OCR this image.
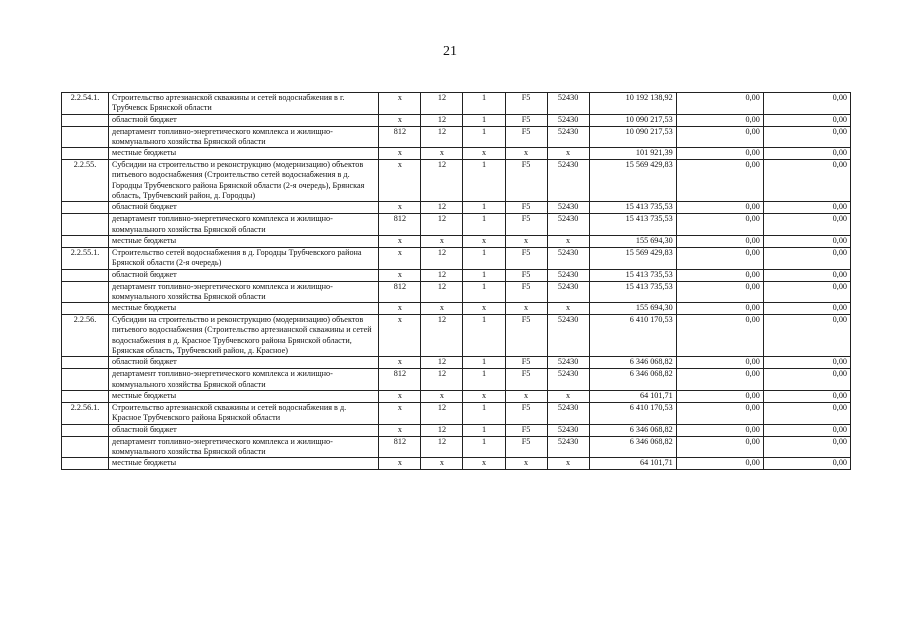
21
2.2.54.1.	Строительство артезианской скважины и сетей водоснабжения в г. Трубчевск Брянской области	x	12	1	F5	52430	10 192 138,92	0,00	0,00
	областной бюджет	x	12	1	F5	52430	10 090 217,53	0,00	0,00
	департамент топливно-энергетического комплекса и жилищно-коммунального хозяйства Брянской области	812	12	1	F5	52430	10 090 217,53	0,00	0,00
	местные бюджеты	x	x	x	x	x	101 921,39	0,00	0,00
2.2.55.	Субсидии на строительство и реконструкцию (модернизацию) объектов питьевого водоснабжения (Строительство сетей водоснабжения в д. Городцы Трубчевского района Брянской области (2-я очередь), Брянская область, Трубчевский район, д. Городцы)	x	12	1	F5	52430	15 569 429,83	0,00	0,00
	областной бюджет	x	12	1	F5	52430	15 413 735,53	0,00	0,00
	департамент топливно-энергетического комплекса и жилищно-коммунального хозяйства Брянской области	812	12	1	F5	52430	15 413 735,53	0,00	0,00
	местные бюджеты	x	x	x	x	x	155 694,30	0,00	0,00
2.2.55.1.	Строительство сетей водоснабжения в д. Городцы Трубчевского района Брянской области (2-я очередь)	x	12	1	F5	52430	15 569 429,83	0,00	0,00
	областной бюджет	x	12	1	F5	52430	15 413 735,53	0,00	0,00
	департамент топливно-энергетического комплекса и жилищно-коммунального хозяйства Брянской области	812	12	1	F5	52430	15 413 735,53	0,00	0,00
	местные бюджеты	x	x	x	x	x	155 694,30	0,00	0,00
2.2.56.	Субсидии на строительство и реконструкцию (модернизацию) объектов питьевого водоснабжения (Строительство артезианской скважины и сетей водоснабжения в д. Красное Трубчевского района Брянской области, Брянская область, Трубчевский район, д. Красное)	x	12	1	F5	52430	6 410 170,53	0,00	0,00
	областной бюджет	x	12	1	F5	52430	6 346 068,82	0,00	0,00
	департамент топливно-энергетического комплекса и жилищно-коммунального хозяйства Брянской области	812	12	1	F5	52430	6 346 068,82	0,00	0,00
	местные бюджеты	x	x	x	x	x	64 101,71	0,00	0,00
2.2.56.1.	Строительство артезианской скважины и сетей водоснабжения в д. Красное Трубчевского района Брянской области	x	12	1	F5	52430	6 410 170,53	0,00	0,00
	областной бюджет	x	12	1	F5	52430	6 346 068,82	0,00	0,00
	департамент топливно-энергетического комплекса и жилищно-коммунального хозяйства Брянской области	812	12	1	F5	52430	6 346 068,82	0,00	0,00
	местные бюджеты	x	x	x	x	x	64 101,71	0,00	0,00
